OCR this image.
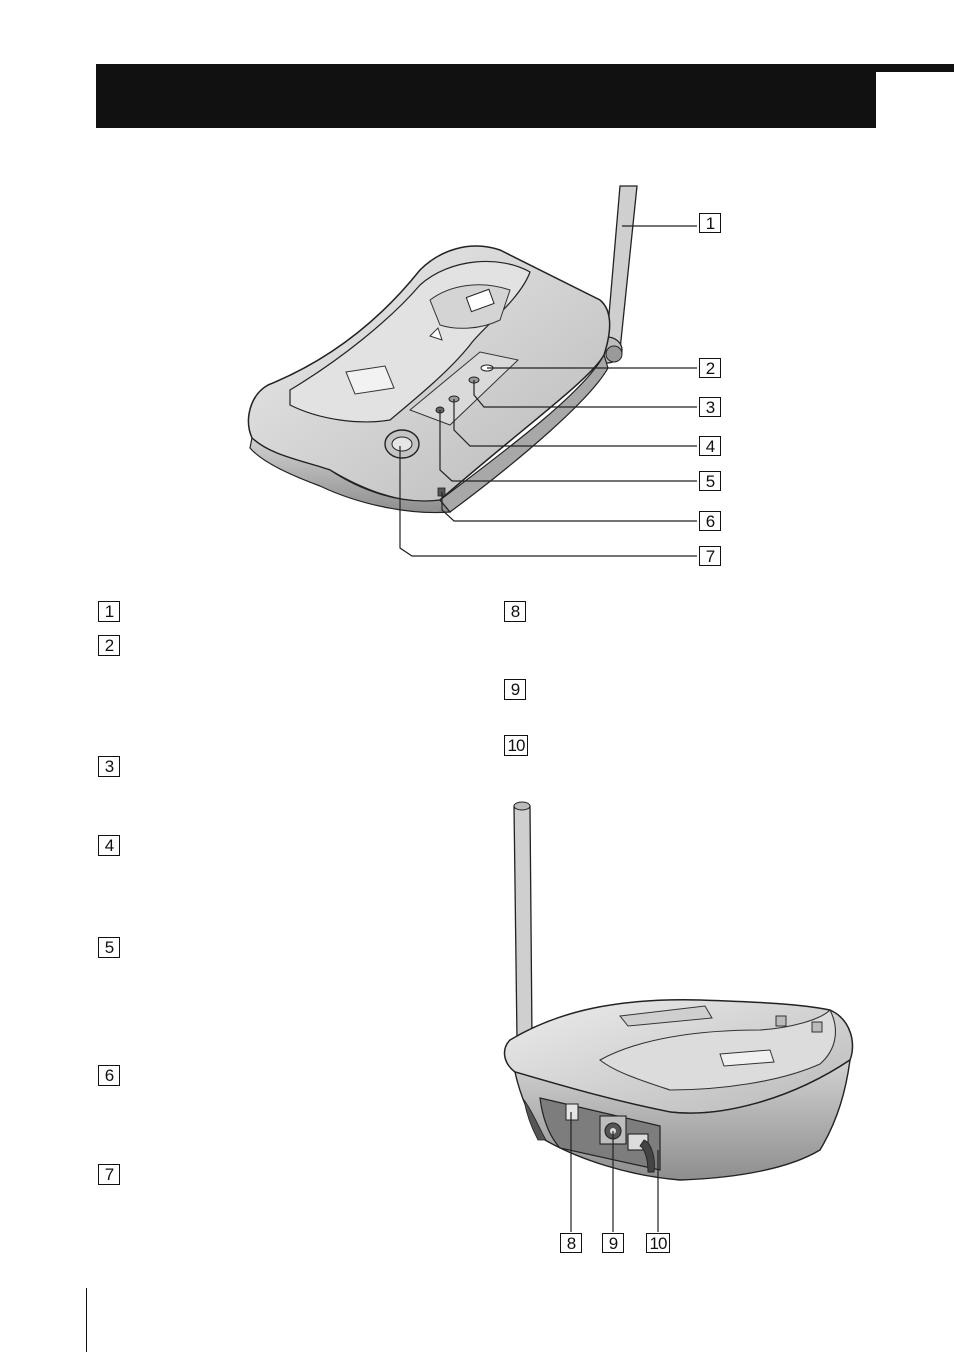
1
2
3
4
5
6
7
8	9	10
1
2
3
4
5
6
7
8
9
10
